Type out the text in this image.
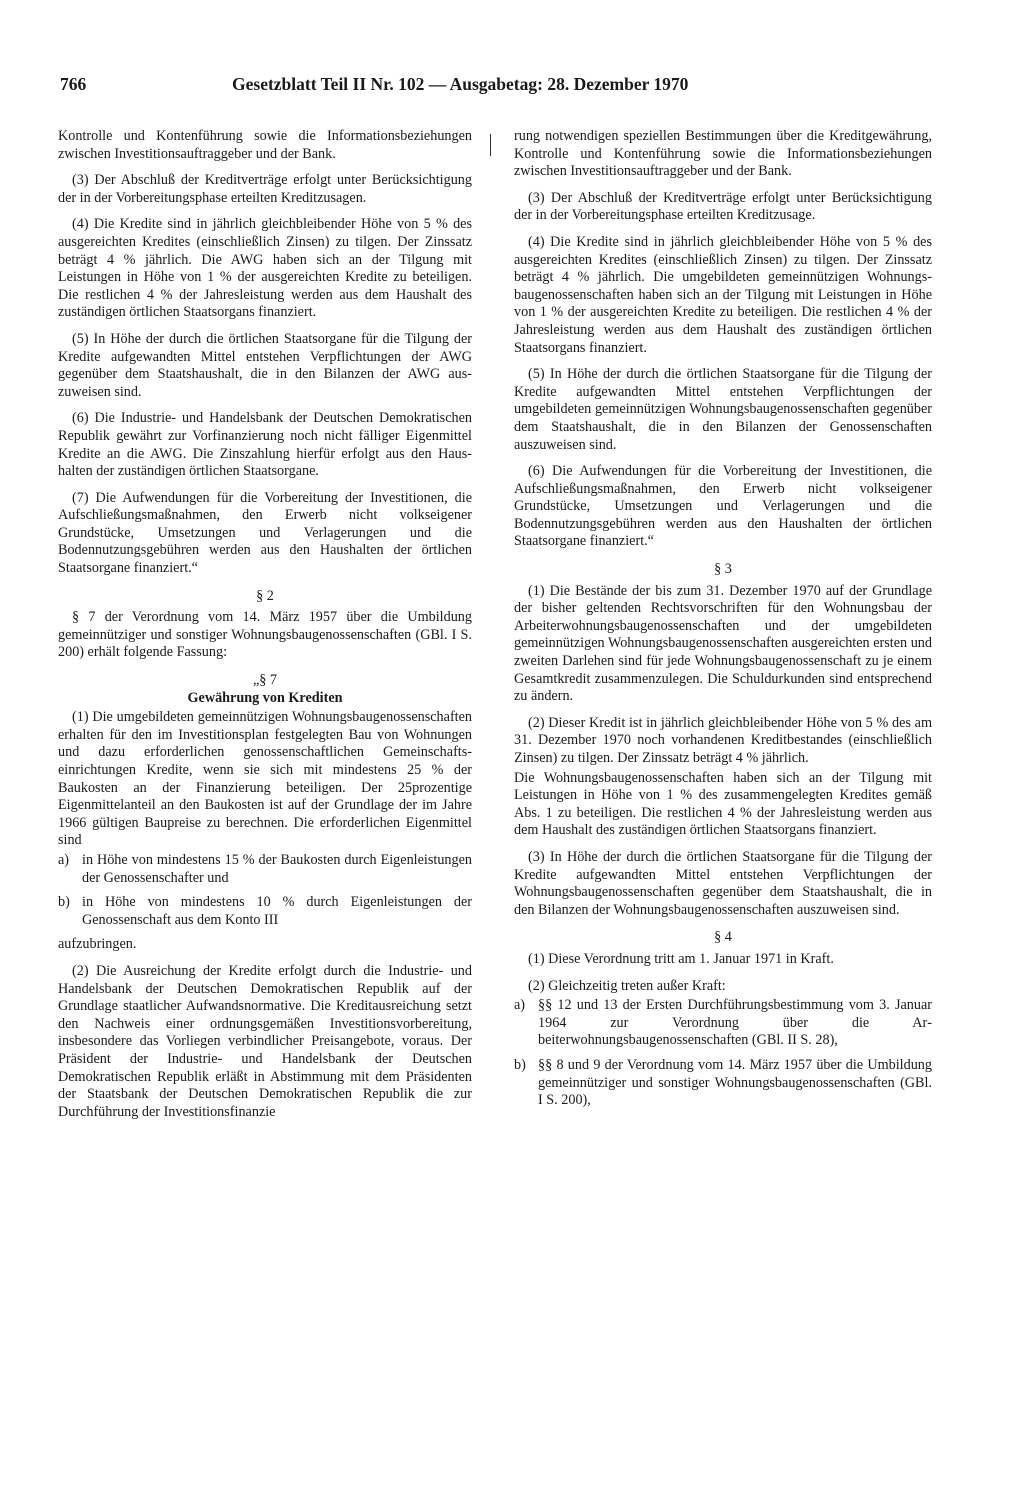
766	Gesetzblatt Teil II Nr. 102 — Ausgabetag: 28. Dezember 1970

Kontrolle und Kontenführung sowie die Informationsbeziehungen zwischen Investitionsauftraggeber und der Bank.

(3) Der Abschluß der Kreditverträge erfolgt unter Berücksichtigung der in der Vorbereitungsphase erteilten Kreditzusagen.

(4) Die Kredite sind in jährlich gleichbleibender Höhe von 5 % des ausgereichten Kredites (einschließlich Zinsen) zu tilgen. Der Zinssatz beträgt 4 % jährlich. Die AWG haben sich an der Tilgung mit Leistungen in Höhe von 1 % der ausgereichten Kredite zu beteiligen. Die restlichen 4 % der Jahresleistung werden aus dem Haushalt des zuständigen örtlichen Staatsorgans finanziert.

(5) In Höhe der durch die örtlichen Staatsorgane für die Tilgung der Kredite aufgewandten Mittel entstehen Verpflichtungen der AWG gegenüber dem Staatshaushalt, die in den Bilanzen der AWG auszuweisen sind.

(6) Die Industrie- und Handelsbank der Deutschen Demokratischen Republik gewährt zur Vorfinanzierung noch nicht fälliger Eigenmittel Kredite an die AWG. Die Zinszahlung hierfür erfolgt aus den Haushalten der zuständigen örtlichen Staatsorgane.

(7) Die Aufwendungen für die Vorbereitung der Investitionen, die Aufschließungsmaßnahmen, den Erwerb nicht volkseigener Grundstücke, Umsetzungen und Verlagerungen und die Bodennutzungsgebühren werden aus den Haushalten der örtlichen Staatsorgane finanziert.“

§ 2

§ 7 der Verordnung vom 14. März 1957 über die Umbildung gemeinnütziger und sonstiger Wohnungsbaugenossenschaften (GBl. I S. 200) erhält folgende Fassung:

„§ 7
Gewährung von Krediten

(1) Die umgebildeten gemeinnützigen Wohnungsbaugenossenschaften erhalten für den im Investitionsplan festgelegten Bau von Wohnungen und dazu erforderlichen genossenschaftlichen Gemeinschaftseinrichtungen Kredite, wenn sie sich mit mindestens 25 % der Baukosten an der Finanzierung beteiligen. Der 25prozentige Eigenmittelanteil an den Baukosten ist auf der Grundlage der im Jahre 1966 gültigen Baupreise zu berechnen. Die erforderlichen Eigenmittel sind

a) in Höhe von mindestens 15 % der Baukosten durch Eigenleistungen der Genossenschafter und
b) in Höhe von mindestens 10 % durch Eigenleistungen der Genossenschaft aus dem Konto III

aufzubringen.

(2) Die Ausreichung der Kredite erfolgt durch die Industrie- und Handelsbank der Deutschen Demokratischen Republik auf der Grundlage staatlicher Aufwandsnormative. Die Kreditausreichung setzt den Nachweis einer ordnungsgemäßen Investitionsvorbereitung, insbesondere das Vorliegen verbindlicher Preisangebote, voraus. Der Präsident der Industrie- und Handelsbank der Deutschen Demokratischen Republik erläßt in Abstimmung mit dem Präsidenten der Staatsbank der Deutschen Demokratischen Republik die zur Durchführung der Investitionsfinanzie

rung notwendigen speziellen Bestimmungen über die Kreditgewährung, Kontrolle und Kontenführung sowie die Informationsbeziehungen zwischen Investitionsauftraggeber und der Bank.

(3) Der Abschluß der Kreditverträge erfolgt unter Berücksichtigung der in der Vorbereitungsphase erteilten Kreditzusage.

(4) Die Kredite sind in jährlich gleichbleibender Höhe von 5 % des ausgereichten Kredites (einschließlich Zinsen) zu tilgen. Der Zinssatz beträgt 4 % jährlich. Die umgebildeten gemeinnützigen Wohnungsbaugenossenschaften haben sich an der Tilgung mit Leistungen in Höhe von 1 % der ausgereichten Kredite zu beteiligen. Die restlichen 4 % der Jahresleistung werden aus dem Haushalt des zuständigen örtlichen Staatsorgans finanziert.

(5) In Höhe der durch die örtlichen Staatsorgane für die Tilgung der Kredite aufgewandten Mittel entstehen Verpflichtungen der umgebildeten gemeinnützigen Wohnungsbaugenossenschaften gegenüber dem Staatshaushalt, die in den Bilanzen der Genossenschaften auszuweisen sind.

(6) Die Aufwendungen für die Vorbereitung der Investitionen, die Aufschließungsmaßnahmen, den Erwerb nicht volkseigener Grundstücke, Umsetzungen und Verlagerungen und die Bodennutzungsgebühren werden aus den Haushalten der örtlichen Staatsorgane finanziert.“

§ 3

(1) Die Bestände der bis zum 31. Dezember 1970 auf der Grundlage der bisher geltenden Rechtsvorschriften für den Wohnungsbau der Arbeiterwohnungsbaugenossenschaften und der umgebildeten gemeinnützigen Wohnungsbaugenossenschaften ausgereichten ersten und zweiten Darlehen sind für jede Wohnungsbaugenossenschaft zu je einem Gesamtkredit zusammenzulegen. Die Schuldurkunden sind entsprechend zu ändern.

(2) Dieser Kredit ist in jährlich gleichbleibender Höhe von 5 % des am 31. Dezember 1970 noch vorhandenen Kreditbestandes (einschließlich Zinsen) zu tilgen. Der Zinssatz beträgt 4 % jährlich.

Die Wohnungsbaugenossenschaften haben sich an der Tilgung mit Leistungen in Höhe von 1 % des zusammengelegten Kredites gemäß Abs. 1 zu beteiligen. Die restlichen 4 % der Jahresleistung werden aus dem Haushalt des zuständigen örtlichen Staatsorgans finanziert.

(3) In Höhe der durch die örtlichen Staatsorgane für die Tilgung der Kredite aufgewandten Mittel entstehen Verpflichtungen der Wohnungsbaugenossenschaften gegenüber dem Staatshaushalt, die in den Bilanzen der Wohnungsbaugenossenschaften auszuweisen sind.

§ 4

(1) Diese Verordnung tritt am 1. Januar 1971 in Kraft.

(2) Gleichzeitig treten außer Kraft:

a) §§ 12 und 13 der Ersten Durchführungsbestimmung vom 3. Januar 1964 zur Verordnung über die Arbeiterwohnungsbaugenossenschaften (GBl. II S. 28),
b) §§ 8 und 9 der Verordnung vom 14. März 1957 über die Umbildung gemeinnütziger und sonstiger Wohnungsbaugenossenschaften (GBl. I S. 200),
